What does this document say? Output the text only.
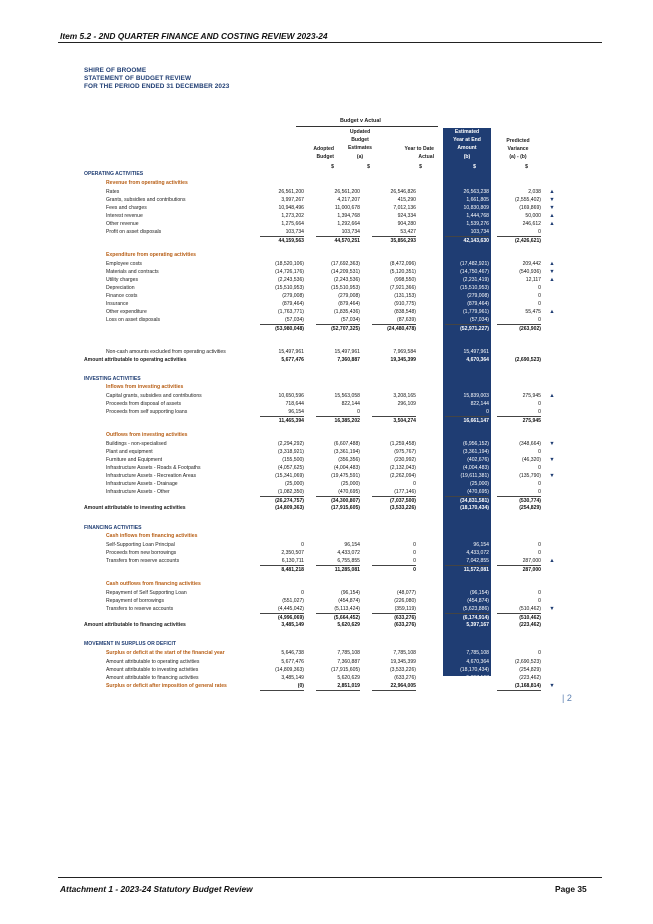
Item 5.2 - 2ND QUARTER FINANCE AND COSTING REVIEW 2023-24
SHIRE OF BROOME
STATEMENT OF BUDGET REVIEW
FOR THE PERIOD ENDED 31 DECEMBER 2023
Budget v Actual
Adopted
Budget
Updated
Budget
Estimates
(a)
Year to Date
Actual
Estimated
Year at End
Amount
(b)
Predicted
Variance
(a) - (b)
$	$	$	$	$
OPERATING ACTIVITIES
Revenue from operating activities
Rates	26,561,200	26,561,200	26,546,826	26,563,238	2,038 ▲
Grants, subsidies and contributions	3,997,267	4,217,207	415,290	1,661,805	(2,555,402) ▼
Fees and charges	10,948,496	11,000,678	7,012,136	10,830,809	(169,869) ▼
Interest revenue	1,273,202	1,394,768	924,334	1,444,768	50,000 ▲
Other revenue	1,275,664	1,292,664	904,280	1,539,276	246,612 ▲
Profit on asset disposals	103,734	103,734	53,427	103,734	0
44,159,563	44,570,251	35,856,293	42,143,630	(2,426,621)
Expenditure from operating activities
Employee costs	(18,520,106)	(17,692,363)	(8,472,096)	(17,482,921)	209,442 ▲
Materials and contracts	(14,726,176)	(14,209,531)	(5,120,351)	(14,750,467)	(540,936) ▼
Utility charges	(2,243,536)	(2,243,536)	(998,550)	(2,231,419)	12,117 ▲
Depreciation	(15,510,953)	(15,510,953)	(7,921,366)	(15,510,953)	0
Finance costs	(279,008)	(279,008)	(131,153)	(279,008)	0
Insurance	(879,464)	(879,464)	(910,775)	(879,464)	0
Other expenditure	(1,763,771)	(1,835,436)	(838,548)	(1,779,961)	55,475 ▲
Loss on asset disposals	(57,034)	(57,034)	(87,639)	(57,034)	0
(53,980,048)	(52,707,325)	(24,480,478)	(52,971,227)	(263,902)
Non-cash amounts excluded from operating activities	15,497,961	15,497,961	7,969,584	15,497,961
Amount attributable to operating activities	5,677,476	7,360,887	19,345,399	4,670,364	(2,690,523)
INVESTING ACTIVITIES
Inflows from investing activities
Capital grants, subsidies and contributions	10,650,596	15,563,058	3,208,165	15,839,003	275,945 ▲
Proceeds from disposal of assets	718,644	822,144	296,109	822,144	0
Proceeds from self supporting loans	96,154	0	0	0
11,465,394	16,385,202	3,504,274	16,661,147	275,945
Outflows from investing activities
Buildings - non-specialised	(2,294,292)	(6,607,488)	(1,259,458)	(6,956,152)	(348,664) ▼
Plant and equipment	(3,318,921)	(3,361,194)	(975,767)	(3,361,194)	0
Furniture and Equipment	(155,500)	(356,356)	(230,992)	(402,676)	(46,320) ▼
Infrastructure Assets - Roads & Footpaths	(4,057,625)	(4,004,483)	(2,132,043)	(4,004,483)	0
Infrastructure Assets - Recreation Areas	(15,341,069)	(19,475,591)	(2,262,094)	(19,611,381)	(135,790) ▼
Infrastructure Assets - Drainage	(25,000)	(25,000)	0	(25,000)	0
Infrastructure Assets - Other	(1,082,350)	(470,695)	(177,146)	(470,695)	0
(26,274,757)	(34,300,807)	(7,037,500)	(34,831,581)	(530,774)
Amount attributable to investing activities	(14,809,363)	(17,915,605)	(3,533,226)	(18,170,434)	(254,829)
FINANCING ACTIVITIES
Cash inflows from financing activities
Self-Supporting Loan Principal	0	96,154	0	96,154	0
Proceeds from new borrowings	2,350,507	4,433,072	0	4,433,072	0
Transfers from reserve accounts	6,130,711	6,755,855	0	7,042,855	287,000 ▲
8,481,218	11,285,081	0	11,572,081	287,000
Cash outflows from financing activities
Repayment of Self Supporting Loan	0	(96,154)	(48,077)	(96,154)	0
Repayment of borrowings	(551,027)	(454,874)	(226,080)	(454,874)	0
Transfers to reserve accounts	(4,445,042)	(5,113,424)	(359,119)	(5,623,886)	(510,462) ▼
(4,996,069)	(5,664,452)	(633,276)	(6,174,914)	(510,462)
Amount attributable to financing activities	3,485,149	5,620,629	(633,276)	5,397,167	(223,462)
MOVEMENT IN SURPLUS OR DEFICIT
Surplus or deficit at the start of the financial year	5,646,738	7,785,108	7,785,108	7,785,108	0
Amount attributable to operating activities	5,677,476	7,360,887	19,345,399	4,670,364	(2,690,523)
Amount attributable to investing activities	(14,809,363)	(17,915,605)	(3,533,226)	(18,170,434)	(254,829)
Amount attributable to financing activities	3,485,149	5,620,629	(633,276)	5,397,167	(223,462)
Surplus or deficit after imposition of general rates	(0)	2,851,019	22,964,005	(317,795)	(3,168,814) ▼
| 2
Attachment 1 - 2023-24 Statutory Budget Review	Page 35
